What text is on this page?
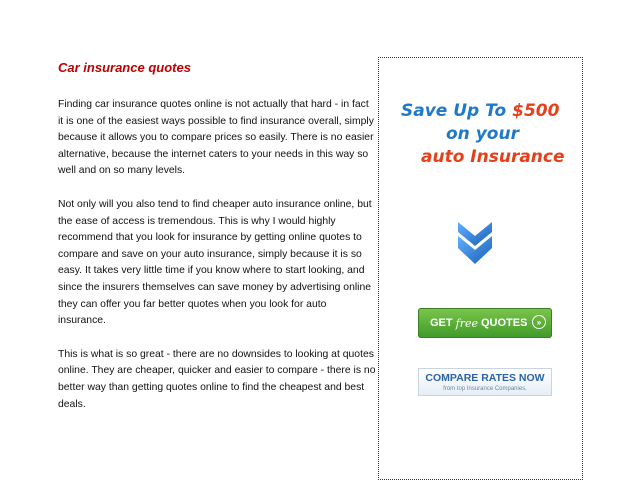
Car insurance quotes

Finding car insurance quotes online is not actually that hard - in fact it is one of the easiest ways possible to find insurance overall, simply because it allows you to compare prices so easily. There is no easier alternative, because the internet caters to your needs in this way so well and on so many levels.

Not only will you also tend to find cheaper auto insurance online, but the ease of access is tremendous. This is why I would highly recommend that you look for insurance by getting online quotes to compare and save on your auto insurance, simply because it is so easy. It takes very little time if you know where to start looking, and since the insurers themselves can save money by advertising online they can offer you far better quotes when you look for auto insurance.

This is what is so great - there are no downsides to looking at quotes online. They are cheaper, quicker and easier to compare - there is no better way than getting quotes online to find the cheapest and best deals.

Save Up To $500
on your
auto Insurance
GET free QUOTES	»
COMPARE RATES NOW
from top Insurance Companies.
